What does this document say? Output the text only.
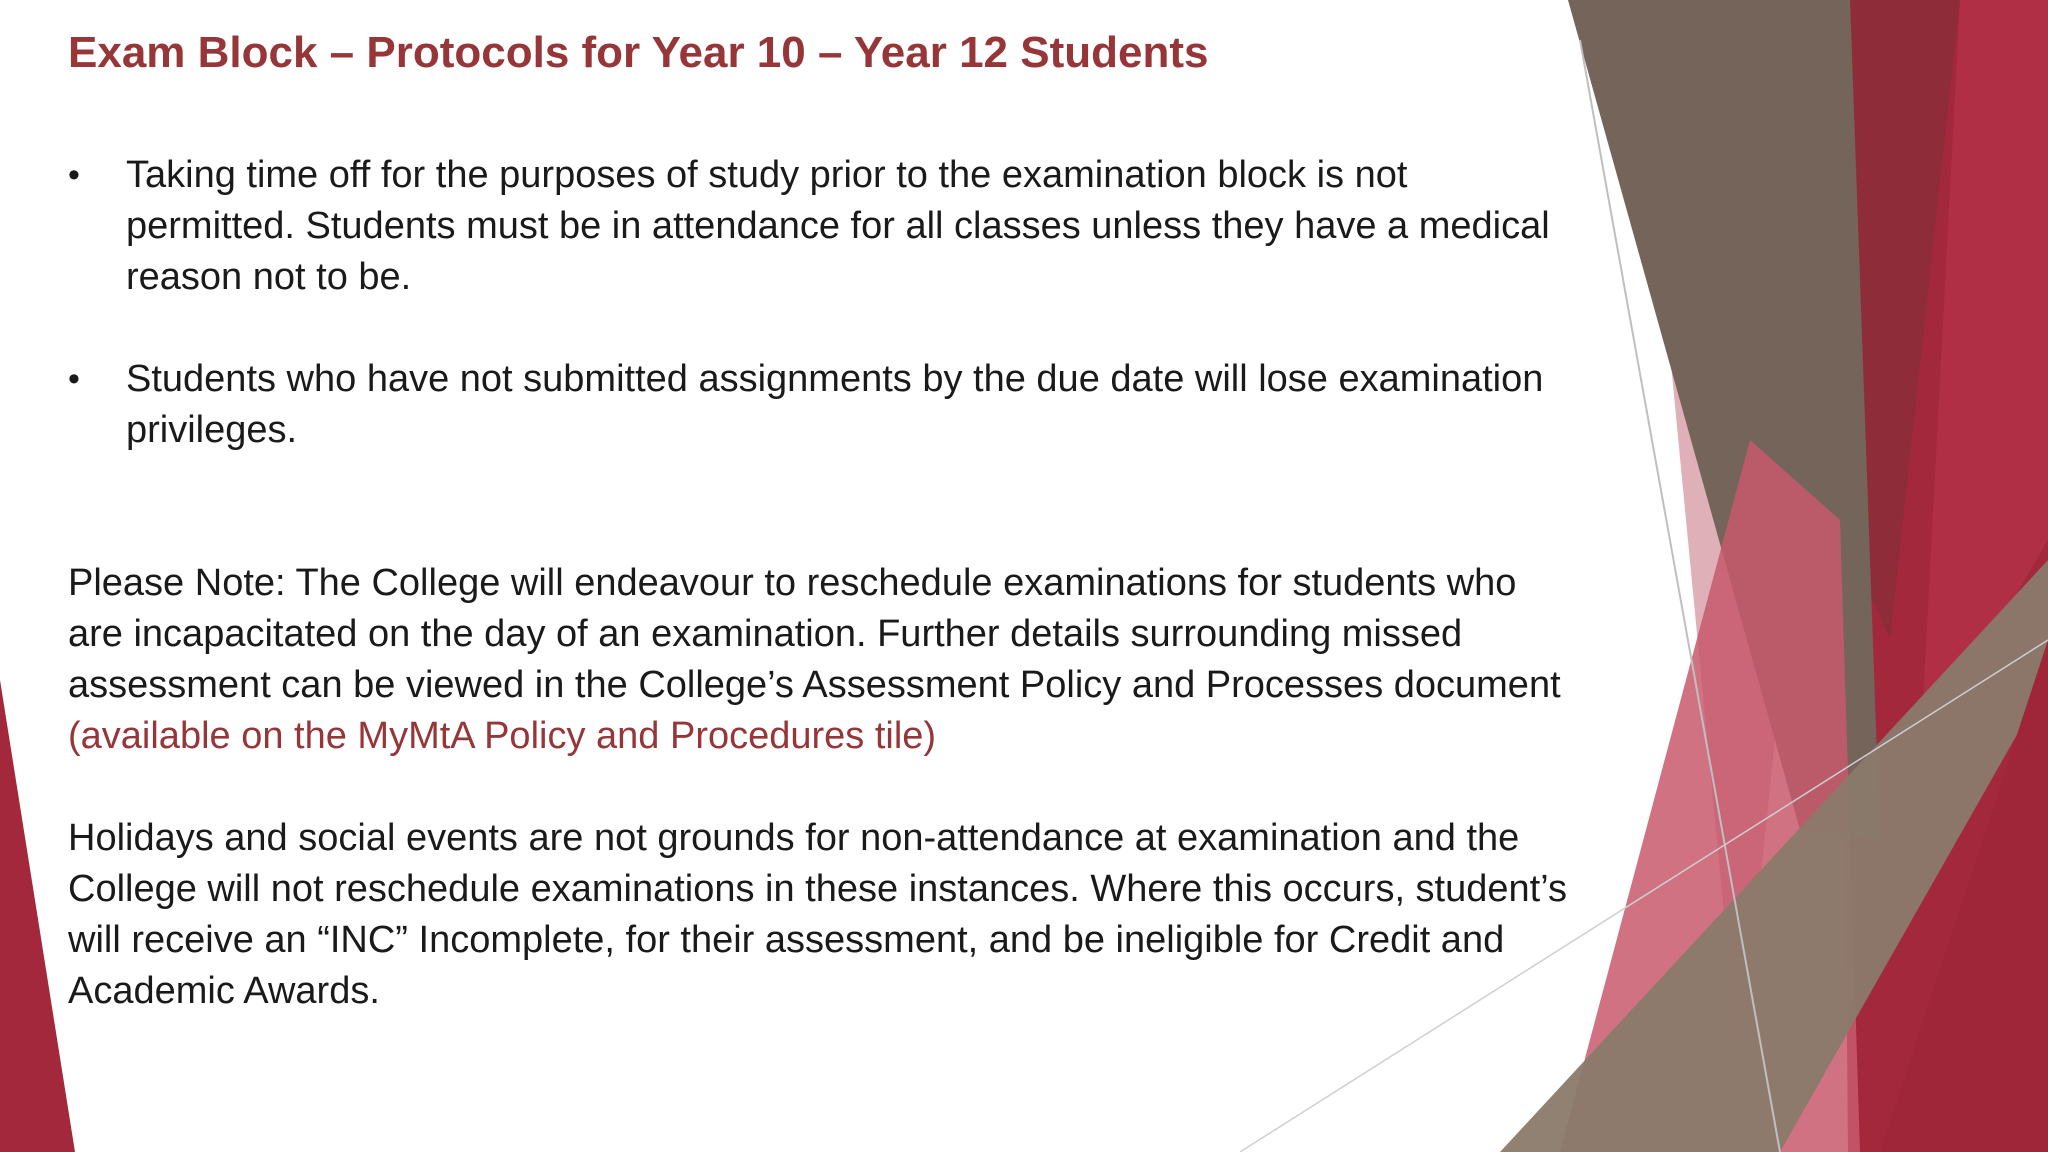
Exam Block – Protocols for Year 10 – Year 12 Students
• Taking time off for the purposes of study prior to the examination block is not permitted. Students must be in attendance for all classes unless they have a medical reason not to be.
• Students who have not submitted assignments by the due date will lose examination privileges.

Please Note: The College will endeavour to reschedule examinations for students who are incapacitated on the day of an examination. Further details surrounding missed assessment can be viewed in the College’s Assessment Policy and Processes document
(available on the MyMtA Policy and Procedures tile)

Holidays and social events are not grounds for non-attendance at examination and the College will not reschedule examinations in these instances. Where this occurs, student’s will receive an “INC” Incomplete, for their assessment, and be ineligible for Credit and Academic Awards.
